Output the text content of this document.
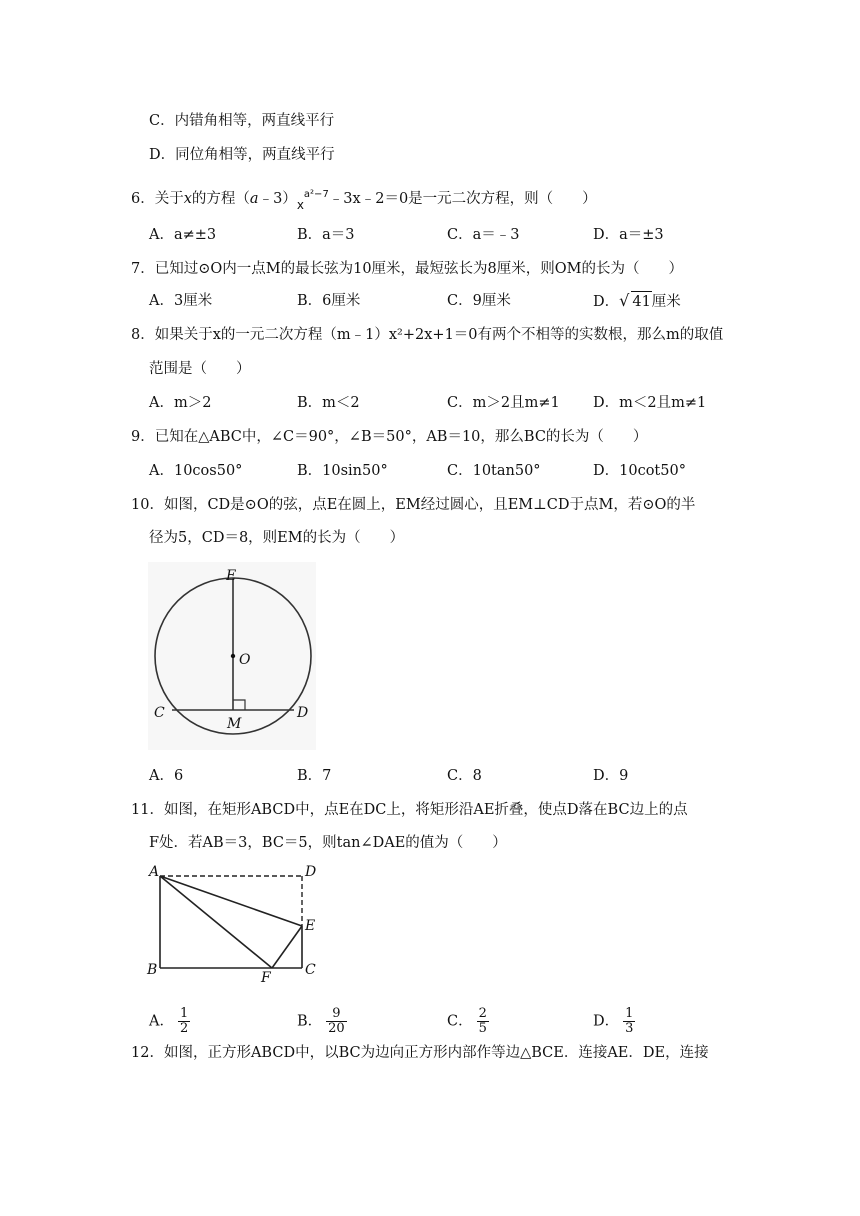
C．内错角相等，两直线平行
D．同位角相等，两直线平行
6．关于x的方程$(a﹣3)_x^{a^2-7}﹣3x﹣2=0$是一元二次方程，则（　　）
A．a≠±3	B．a＝3	C．a＝﹣3	D．a＝±3
7．已知过⊙O内一点M的最长弦为10厘米，最短弦长为8厘米，则OM的长为（　　）
A．3厘米	B．6厘米	C．9厘米	D．√ 41厘米
8．如果关于x的一元二次方程（m﹣1）x²+2x+1＝0有两个不相等的实数根，那么m的取值
范围是（　　）
A．m＞2	B．m＜2	C．m＞2且m≠1 D．m＜2且m≠1
9．已知在△ABC中，∠C＝90°，∠B＝50°，AB＝10，那么BC的长为（　　）
A．10cos50°	B．10sin50°	C．10tan50°	D．10cot50°
10．如图，CD是⊙O的弦，点E在圆上，EM经过圆心，且EM⊥CD于点M，若⊙O的半
径为5，CD＝8，则EM的长为（　　）
E
O
C
M
D
A．6	B．7	C．8	D．9
11．如图，在矩形ABCD中，点E在DC上，将矩形沿AE折叠，使点D落在BC边上的点
F处．若AB＝3，BC＝5，则tan∠DAE的值为（　　）
A	D
E
B	F C
A． $\frac{1}{2}$	B． $\frac{9}{20}$	C． $\frac{2}{5}$	D． $\frac{1}{3}$
12．如图，正方形ABCD中，以BC为边向正方形内部作等边△BCE．连接AE．DE，连接
